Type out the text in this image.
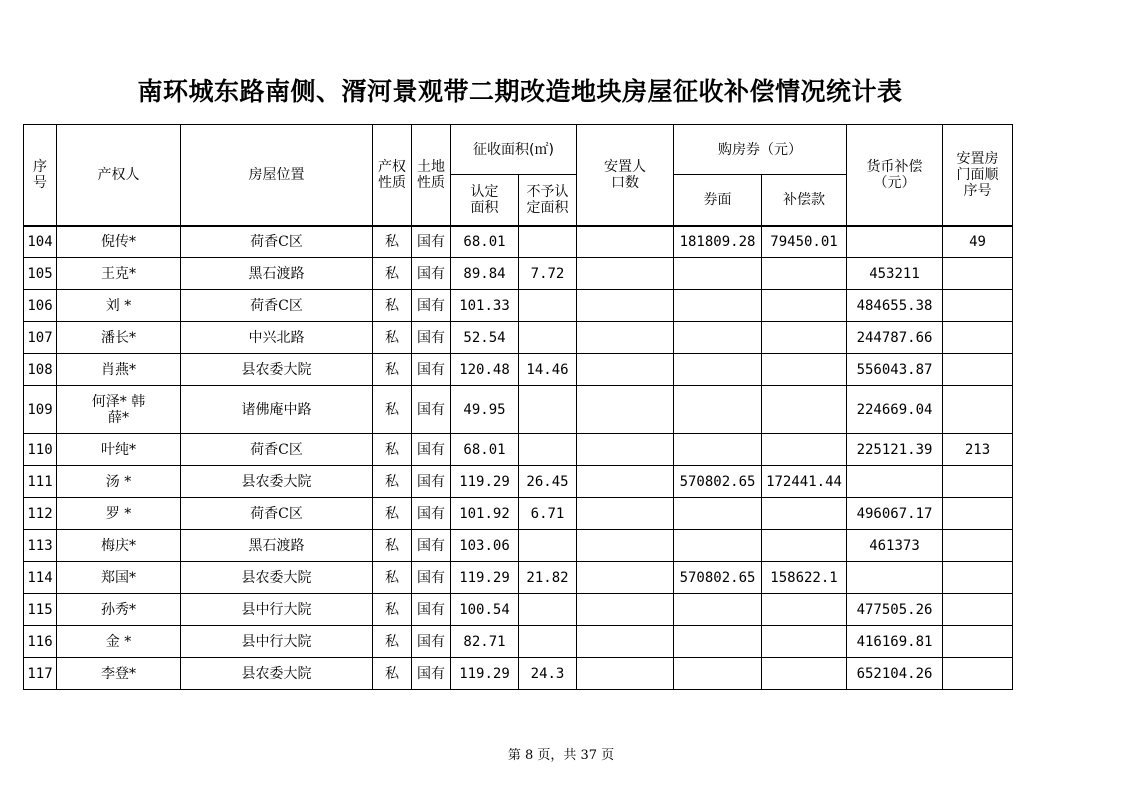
南环城东路南侧、湑河景观带二期改造地块房屋征收补偿情况统计表
序号	产权人	房屋位置	产权性质	土地性质	征收面积(㎡)		安置人口数	购房券（元）		货币补偿（元）	安置房门面顺序号
					认定面积	不予认定面积		券面	补偿款		
104	倪传*	荷香C区	私	国有	68.01			181809.28	79450.01		49
105	王克*	黑石渡路	私	国有	89.84	7.72				453211	
106	刘 *	荷香C区	私	国有	101.33					484655.38	
107	潘长*	中兴北路	私	国有	52.54					244787.66	
108	肖燕*	县农委大院	私	国有	120.48	14.46				556043.87	
109	何泽* 韩薛*	诸佛庵中路	私	国有	49.95					224669.04	
110	叶纯*	荷香C区	私	国有	68.01					225121.39	213
111	汤 *	县农委大院	私	国有	119.29	26.45		570802.65	172441.44		
112	罗 *	荷香C区	私	国有	101.92	6.71				496067.17	
113	梅庆*	黑石渡路	私	国有	103.06					461373	
114	郑国*	县农委大院	私	国有	119.29	21.82		570802.65	158622.1		
115	孙秀*	县中行大院	私	国有	100.54					477505.26	
116	金 *	县中行大院	私	国有	82.71					416169.81	
117	李登*	县农委大院	私	国有	119.29	24.3				652104.26	
第 8 页，共 37 页
